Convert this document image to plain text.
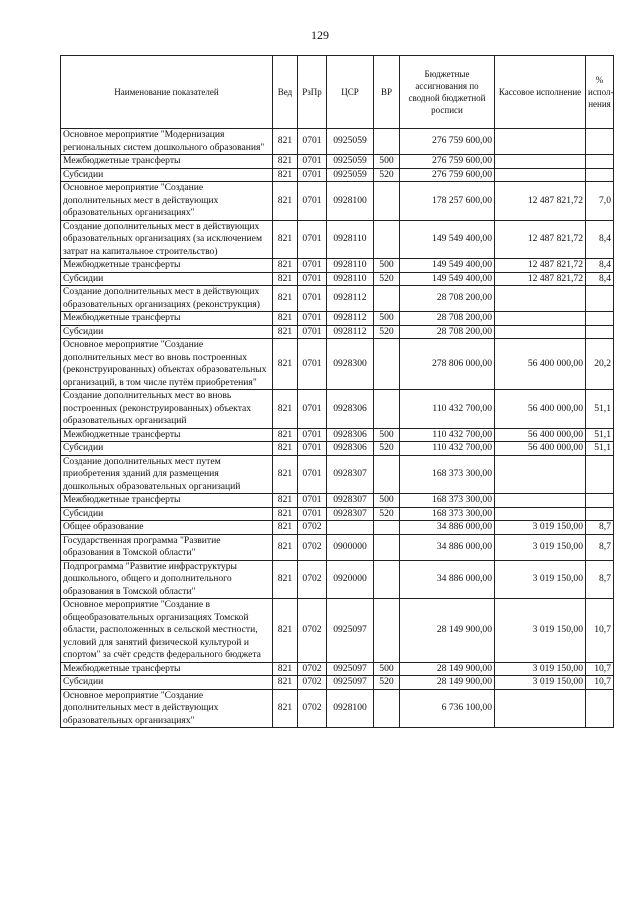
129
Наименование показателей	Вед	РзПр	ЦСР	ВР	Бюджетные ассигнования по сводной бюджетной росписи	Кассовое исполнение	% испол-нения
Основное мероприятие "Модернизация региональных систем дошкольного образования"	821	0701	0925059		276 759 600,00		
Межбюджетные трансферты	821	0701	0925059	500	276 759 600,00		
Субсидии	821	0701	0925059	520	276 759 600,00		
Основное мероприятие "Создание дополнительных мест в действующих образовательных организациях"	821	0701	0928100		178 257 600,00	12 487 821,72	7,0
Создание дополнительных мест в действующих образовательных организациях (за исключением затрат на капитальное строительство)	821	0701	0928110		149 549 400,00	12 487 821,72	8,4
Межбюджетные трансферты	821	0701	0928110	500	149 549 400,00	12 487 821,72	8,4
Субсидии	821	0701	0928110	520	149 549 400,00	12 487 821,72	8,4
Создание дополнительных мест в действующих образовательных организациях (реконструкция)	821	0701	0928112		28 708 200,00		
Межбюджетные трансферты	821	0701	0928112	500	28 708 200,00		
Субсидии	821	0701	0928112	520	28 708 200,00		
Основное мероприятие "Создание дополнительных мест во вновь построенных (реконструированных) объектах образовательных организаций, в том числе путём приобретения"	821	0701	0928300		278 806 000,00	56 400 000,00	20,2
Создание дополнительных мест во вновь построенных (реконструированных) объектах образовательных организаций	821	0701	0928306		110 432 700,00	56 400 000,00	51,1
Межбюджетные трансферты	821	0701	0928306	500	110 432 700,00	56 400 000,00	51,1
Субсидии	821	0701	0928306	520	110 432 700,00	56 400 000,00	51,1
Создание дополнительных мест путем приобретения зданий для размещения дошкольных образовательных организаций	821	0701	0928307		168 373 300,00		
Межбюджетные трансферты	821	0701	0928307	500	168 373 300,00		
Субсидии	821	0701	0928307	520	168 373 300,00		
Общее образование	821	0702			34 886 000,00	3 019 150,00	8,7
Государственная программа "Развитие образования в Томской области"	821	0702	0900000		34 886 000,00	3 019 150,00	8,7
Подпрограмма "Развитие инфраструктуры дошкольного, общего и дополнительного образования в Томской области"	821	0702	0920000		34 886 000,00	3 019 150,00	8,7
Основное мероприятие "Создание в общеобразовательных организациях Томской области, расположенных в сельской местности, условий для занятий физической культурой и спортом" за счёт средств федерального бюджета	821	0702	0925097		28 149 900,00	3 019 150,00	10,7
Межбюджетные трансферты	821	0702	0925097	500	28 149 900,00	3 019 150,00	10,7
Субсидии	821	0702	0925097	520	28 149 900,00	3 019 150,00	10,7
Основное мероприятие "Создание дополнительных мест в действующих образовательных организациях"	821	0702	0928100		6 736 100,00		
